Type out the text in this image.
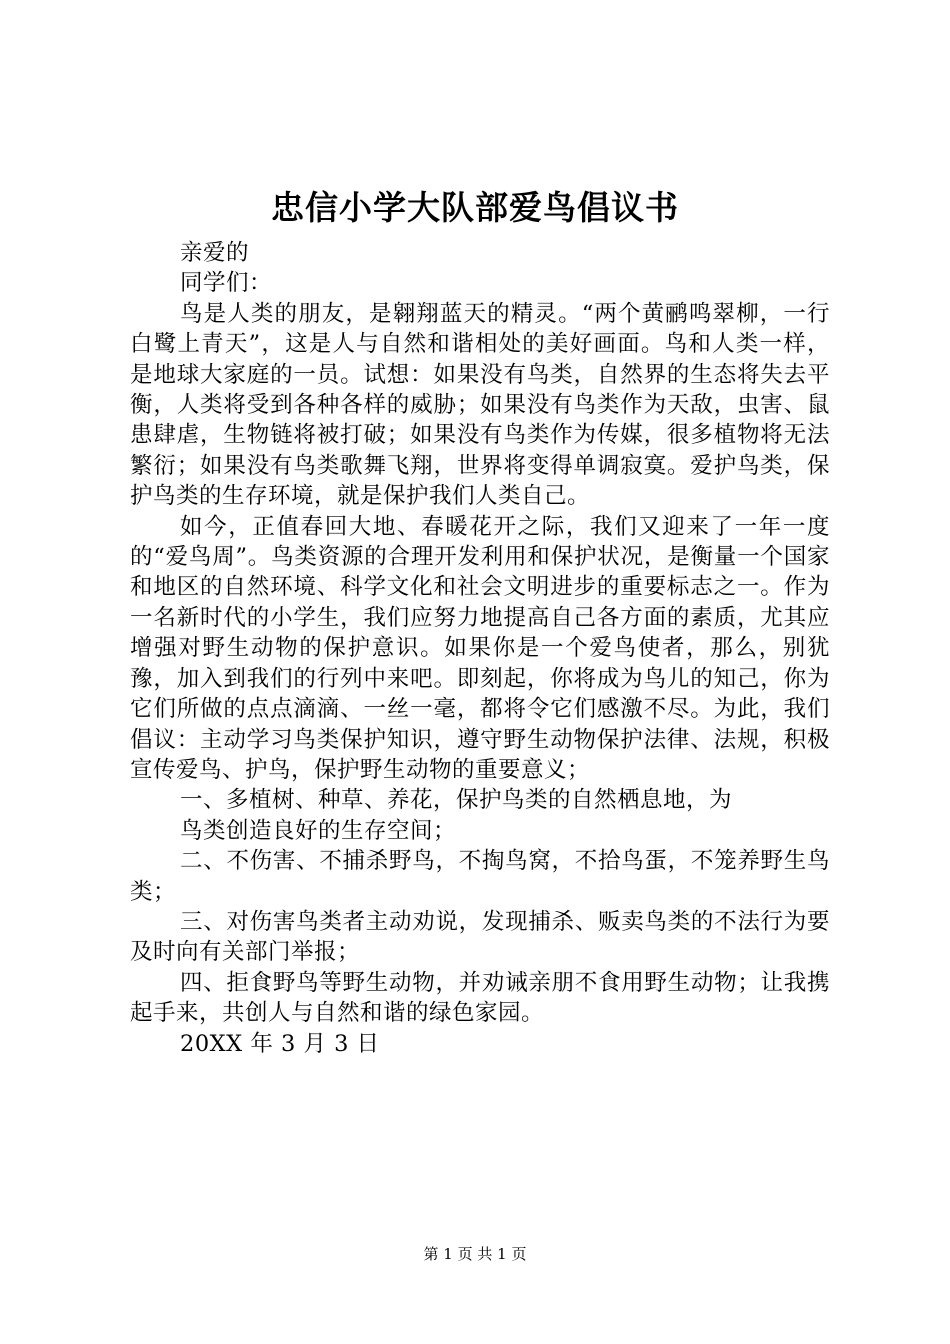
忠信小学大队部爱鸟倡议书

亲爱的

同学们：

鸟是人类的朋友，是翱翔蓝天的精灵。“两个黄鹂鸣翠柳，一行白鹭上青天”，这是人与自然和谐相处的美好画面。鸟和人类一样，是地球大家庭的一员。试想：如果没有鸟类，自然界的生态将失去平衡，人类将受到各种各样的威胁；如果没有鸟类作为天敌，虫害、鼠患肆虐，生物链将被打破；如果没有鸟类作为传媒，很多植物将无法繁衍；如果没有鸟类歌舞飞翔，世界将变得单调寂寞。爱护鸟类，保护鸟类的生存环境，就是保护我们人类自己。

如今，正值春回大地、春暖花开之际，我们又迎来了一年一度的“爱鸟周”。鸟类资源的合理开发利用和保护状况，是衡量一个国家和地区的自然环境、科学文化和社会文明进步的重要标志之一。作为一名新时代的小学生，我们应努力地提高自己各方面的素质，尤其应增强对野生动物的保护意识。如果你是一个爱鸟使者，那么，别犹豫，加入到我们的行列中来吧。即刻起，你将成为鸟儿的知己，你为它们所做的点点滴滴、一丝一毫，都将令它们感激不尽。为此，我们倡议：主动学习鸟类保护知识，遵守野生动物保护法律、法规，积极宣传爱鸟、护鸟，保护野生动物的重要意义；

一、多植树、种草、养花，保护鸟类的自然栖息地，为

鸟类创造良好的生存空间；

二、不伤害、不捕杀野鸟，不掏鸟窝，不拾鸟蛋，不笼养野生鸟类；

三、对伤害鸟类者主动劝说，发现捕杀、贩卖鸟类的不法行为要及时向有关部门举报；

四、拒食野鸟等野生动物，并劝诫亲朋不食用野生动物；让我携起手来，共创人与自然和谐的绿色家园。

20XX 年 3 月 3 日

第 1 页 共 1 页
